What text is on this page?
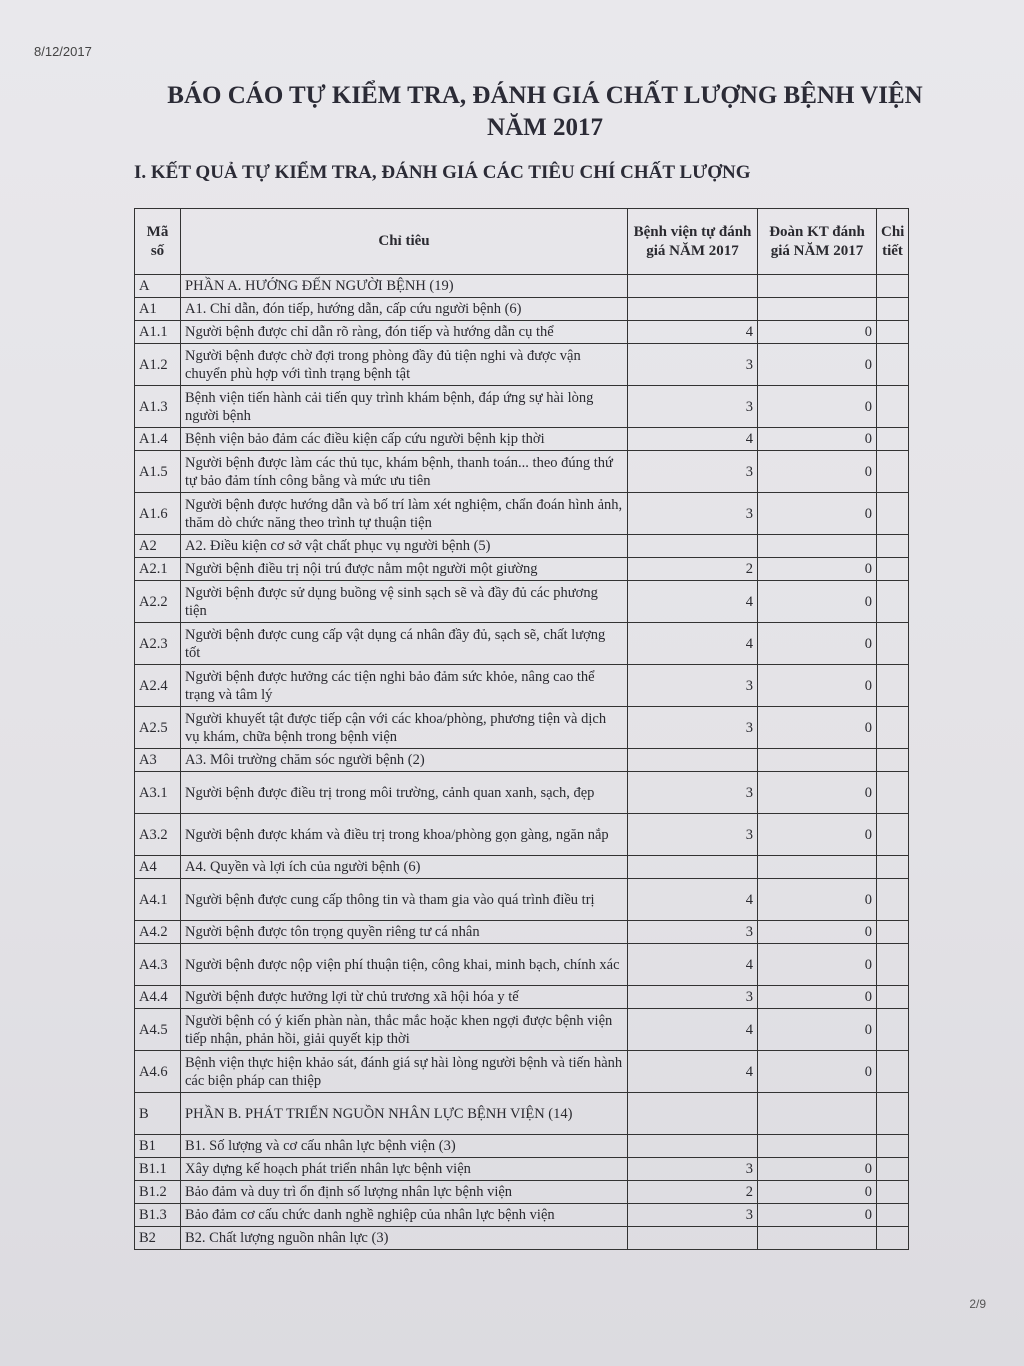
8/12/2017
BÁO CÁO TỰ KIỂM TRA, ĐÁNH GIÁ CHẤT LƯỢNG BỆNH VIỆN
NĂM 2017
I. KẾT QUẢ TỰ KIỂM TRA, ĐÁNH GIÁ CÁC TIÊU CHÍ CHẤT LƯỢNG
Mã số	Chỉ tiêu	Bệnh viện tự đánh giá NĂM 2017	Đoàn KT đánh giá NĂM 2017	Chi tiết
A	PHẦN A. HƯỚNG ĐẾN NGƯỜI BỆNH (19)			
A1	A1. Chỉ dẫn, đón tiếp, hướng dẫn, cấp cứu người bệnh (6)			
A1.1	Người bệnh được chỉ dẫn rõ ràng, đón tiếp và hướng dẫn cụ thể	4	0	
A1.2	Người bệnh được chờ đợi trong phòng đầy đủ tiện nghi và được vận chuyển phù hợp với tình trạng bệnh tật	3	0	
A1.3	Bệnh viện tiến hành cải tiến quy trình khám bệnh, đáp ứng sự hài lòng người bệnh	3	0	
A1.4	Bệnh viện bảo đảm các điều kiện cấp cứu người bệnh kịp thời	4	0	
A1.5	Người bệnh được làm các thủ tục, khám bệnh, thanh toán... theo đúng thứ tự bảo đảm tính công bằng và mức ưu tiên	3	0	
A1.6	Người bệnh được hướng dẫn và bố trí làm xét nghiệm, chẩn đoán hình ảnh, thăm dò chức năng theo trình tự thuận tiện	3	0	
A2	A2. Điều kiện cơ sở vật chất phục vụ người bệnh (5)			
A2.1	Người bệnh điều trị nội trú được nằm một người một giường	2	0	
A2.2	Người bệnh được sử dụng buồng vệ sinh sạch sẽ và đầy đủ các phương tiện	4	0	
A2.3	Người bệnh được cung cấp vật dụng cá nhân đầy đủ, sạch sẽ, chất lượng tốt	4	0	
A2.4	Người bệnh được hưởng các tiện nghi bảo đảm sức khỏe, nâng cao thể trạng và tâm lý	3	0	
A2.5	Người khuyết tật được tiếp cận với các khoa/phòng, phương tiện và dịch vụ khám, chữa bệnh trong bệnh viện	3	0	
A3	A3. Môi trường chăm sóc người bệnh (2)			
A3.1	Người bệnh được điều trị trong môi trường, cảnh quan xanh, sạch, đẹp	3	0	
A3.2	Người bệnh được khám và điều trị trong khoa/phòng gọn gàng, ngăn nắp	3	0	
A4	A4. Quyền và lợi ích của người bệnh (6)			
A4.1	Người bệnh được cung cấp thông tin và tham gia vào quá trình điều trị	4	0	
A4.2	Người bệnh được tôn trọng quyền riêng tư cá nhân	3	0	
A4.3	Người bệnh được nộp viện phí thuận tiện, công khai, minh bạch, chính xác	4	0	
A4.4	Người bệnh được hưởng lợi từ chủ trương xã hội hóa y tế	3	0	
A4.5	Người bệnh có ý kiến phàn nàn, thắc mắc hoặc khen ngợi được bệnh viện tiếp nhận, phản hồi, giải quyết kịp thời	4	0	
A4.6	Bệnh viện thực hiện khảo sát, đánh giá sự hài lòng người bệnh và tiến hành các biện pháp can thiệp	4	0	
B	PHẦN B. PHÁT TRIỂN NGUỒN NHÂN LỰC BỆNH VIỆN (14)			
B1	B1. Số lượng và cơ cấu nhân lực bệnh viện (3)			
B1.1	Xây dựng kế hoạch phát triển nhân lực bệnh viện	3	0	
B1.2	Bảo đảm và duy trì ổn định số lượng nhân lực bệnh viện	2	0	
B1.3	Bảo đảm cơ cấu chức danh nghề nghiệp của nhân lực bệnh viện	3	0	
B2	B2. Chất lượng nguồn nhân lực (3)			
2/9
